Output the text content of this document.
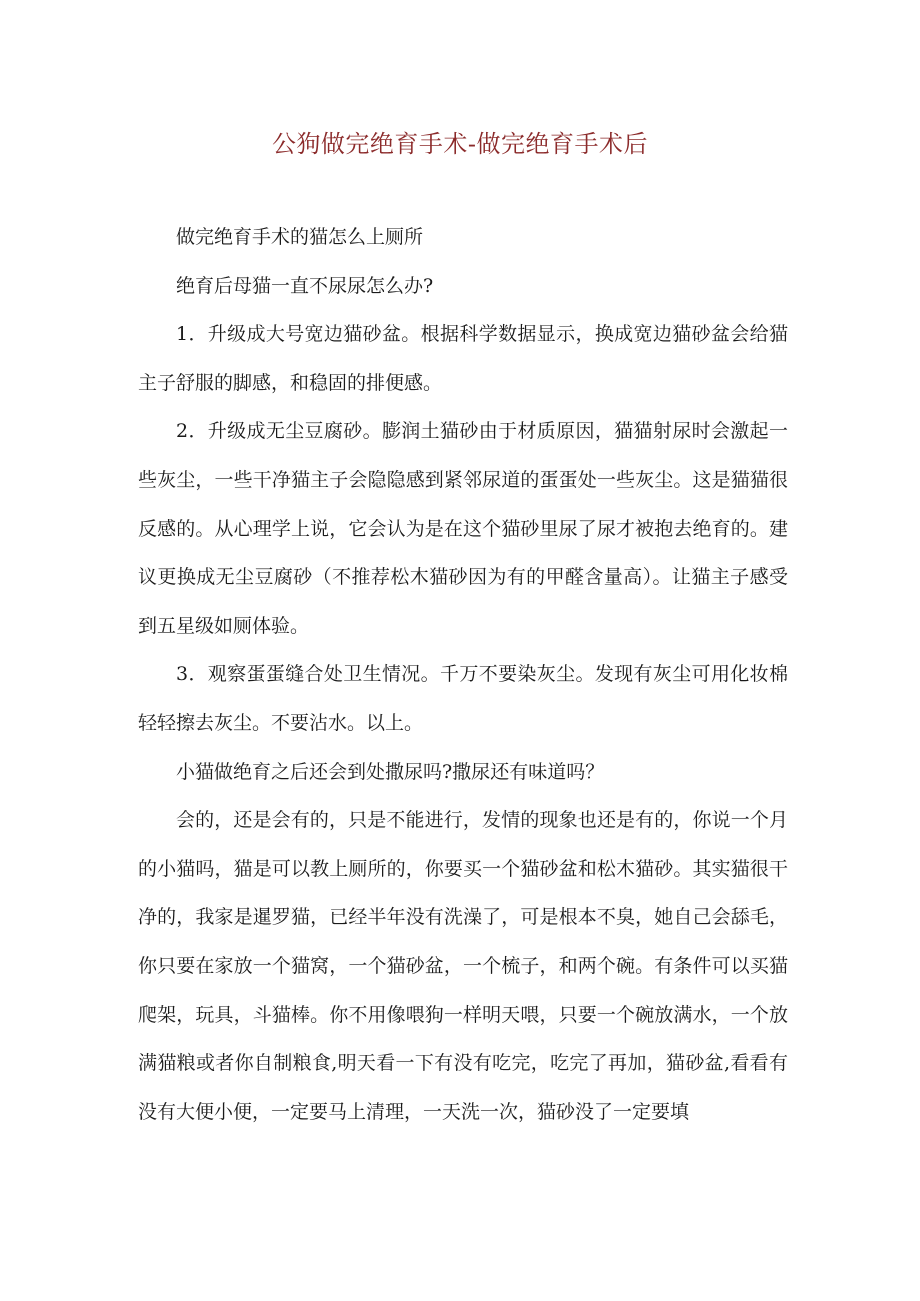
公狗做完绝育手术-做完绝育手术后

做完绝育手术的猫怎么上厕所

绝育后母猫一直不尿尿怎么办?

1．升级成大号宽边猫砂盆。根据科学数据显示，换成宽边猫砂盆会给猫主子舒服的脚感，和稳固的排便感。

2．升级成无尘豆腐砂。膨润土猫砂由于材质原因，猫猫射尿时会激起一些灰尘，一些干净猫主子会隐隐感到紧邻尿道的蛋蛋处一些灰尘。这是猫猫很反感的。从心理学上说，它会认为是在这个猫砂里尿了尿才被抱去绝育的。建议更换成无尘豆腐砂（不推荐松木猫砂因为有的甲醛含量高）。让猫主子感受到五星级如厕体验。

3．观察蛋蛋缝合处卫生情况。千万不要染灰尘。发现有灰尘可用化妆棉轻轻擦去灰尘。不要沾水。以上。

小猫做绝育之后还会到处撒尿吗?撒尿还有味道吗？

会的，还是会有的，只是不能进行，发情的现象也还是有的，你说一个月的小猫吗，猫是可以教上厕所的，你要买一个猫砂盆和松木猫砂。其实猫很干净的，我家是暹罗猫，已经半年没有洗澡了，可是根本不臭，她自己会舔毛，你只要在家放一个猫窝，一个猫砂盆，一个梳子，和两个碗。有条件可以买猫爬架，玩具，斗猫棒。你不用像喂狗一样明天喂，只要一个碗放满水，一个放满猫粮或者你自制粮食,明天看一下有没有吃完，吃完了再加，猫砂盆,看看有没有大便小便，一定要马上清理，一天洗一次，猫砂没了一定要填
